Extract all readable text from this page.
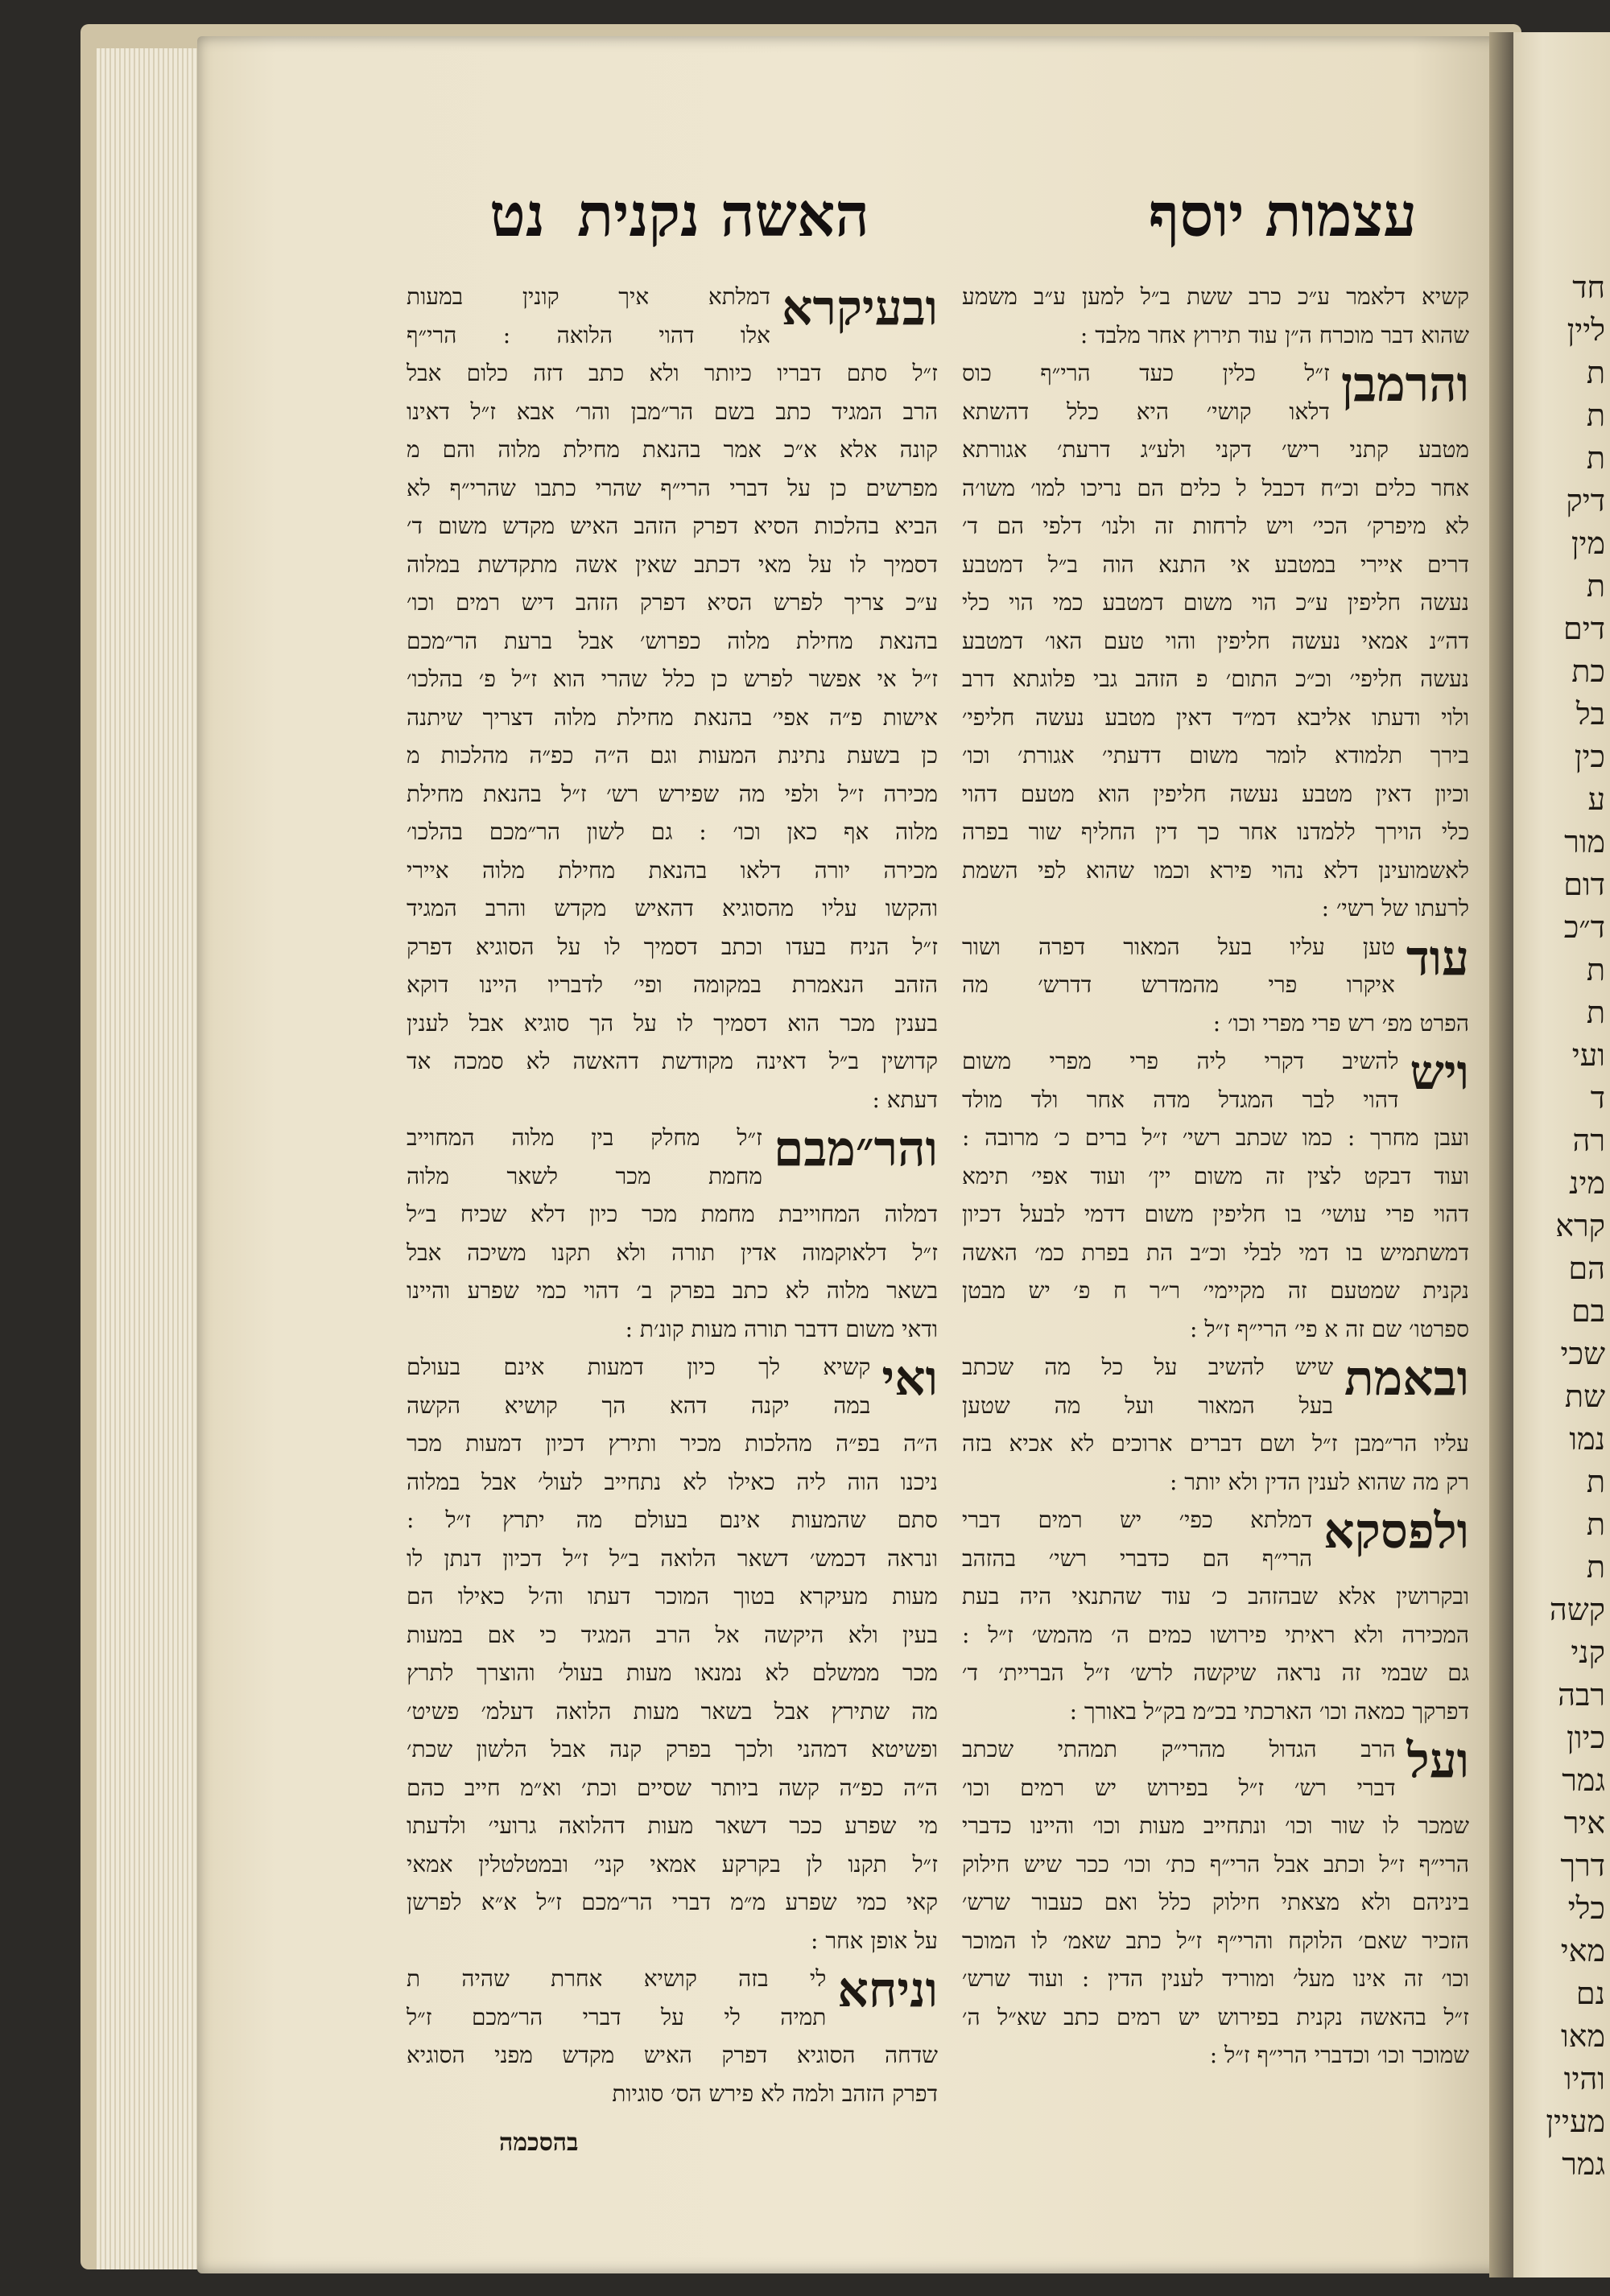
האשה נקניתנט	עצמות יוסף
קשיא דלאמר ע״כ כרב ששת ב״ל למען ע״ב משמע
שהוא דבר מוכרח ה״ן עוד תירוץ אחר מלבד :
והרמבן
ז״ל כלין כעד הרי״ף כוס
דלאו קושי׳ היא כלל דהשתא
מטבע קתני ריש׳ דקני ולע״ג דרעת׳ אגורתא
אחר כלים וכ״ח דכבל ל כלים הם נריכו למו׳ משו׳ה
לא מיפרק׳ הכי׳ ויש לרחות זה ולנו׳ דלפי הם ד׳
דרים איירי במטבע אי התנא הוה ב״ל דמטבע
נעשה חליפין ע״כ הוי משום דמטבע כמי הוי כלי
דה״נ אמאי נעשה חליפין והוי טעם האו׳ דמטבע
נעשה חליפי׳ וכ״כ התום׳ פ הזהב גבי פלוגתא דרב
ולוי ודעתו אליבא דמ״ד דאין מטבע נעשה חליפי׳
בירך תלמודא לומר משום דדעתי׳ אגורת׳ וכו׳
וכיון דאין מטבע נעשה חליפין הוא מטעם דהוי
כלי הוירך ללמדנו אחר כך דין החליף שור בפרה
לאשמועינן דלא נהוי פירא וכמו שהוא לפי השמת
לרעתו של רשי׳ :
עוד
טען עליו בעל המאור דפרה ושור
איקרו פרי מהמדרש דדרש׳ מה
הפרט מפ׳ רש פרי מפרי וכו׳ :
ויש
להשיב דקרי ליה פרי מפרי משום
דהוי לבר המגדל מדה אחר ולד מולד
ועבן מחרך : כמו שכתב רשי׳ ז״ל ברים כ׳ מרובה :
ועוד דבקט לצין זה משום יין׳ ועוד אפי׳ תימא
דהוי פרי עושי׳ בו חליפין משום דדמי לבעל דכיון
דמשתמיש בו דמי לבלי וכ״ב הת בפרת כמ׳ האשה
נקנית שמטעם זה מקיימי׳ ר״ר ח פ׳ יש מבטן
ספרטו׳ שם זה א פי׳ הרי״ף ז״ל :
ובאמת
שיש להשיב על כל מה שכתב
בעל המאור ועל מה שטען
עליו הר״מבן ז״ל ושם דברים ארוכים לא אכיא בזה
רק מה שהוא לענין הדין ולא יותר :
ולפסקא
דמלתא כפי׳ יש רמים דברי
הרי״ף הם כדברי רשי׳ בהזהב
ובקרושין אלא שבהזהב כ׳ עוד שהתנאי היה בעת
המכירה ולא ראיתי פירושו כמים ה׳ מהמש׳ ז״ל :
גם שבמי זה נראה שיקשה לרש׳ ז״ל הבריית׳ ד׳
דפרקך כמאה וכו׳ הארכתי בכ״מ בק״ל באורך :
ועל
הרב הגדול מהרי״ק תמהתי שכתב
דברי רש׳ ז״ל בפירוש יש רמים וכו׳
שמכר לו שור וכו׳ ונתחייב מעות וכו׳ והיינו כדברי
הרי״ף ז״ל וכתב אבל הרי״ף כת׳ וכו׳ ככר שיש חילוק
ביניהם ולא מצאתי חילוק כלל ואם כעבור שרש׳
הזכיר שאם׳ הלוקח והרי״ף ז״ל כתב שאמ׳ לו המוכר
וכו׳ זה אינו מעל׳ ומוריד לענין הדין : ועוד שרש׳
ז״ל בהאשה נקנית בפירוש יש רמים כתב שא״ל ה׳
שמוכר וכו׳ וכדברי הרי״ף ז״ל :
ובעיקרא
דמלתא איך קונין במעות
אלו דהוי הלואה : הרי״ף
ז״ל סתם דבריו כיותר ולא כתב דזה כלום אבל
הרב המגיד כתב בשם הר״מבן והר׳ אבא ז״ל דאינו
קונה אלא א״כ אמר בהנאת מחילת מלוה והם מ
מפרשים כן על דברי הרי״ף שהרי כתבו שהרי״ף לא
הביא בהלכות הסיא דפרק הזהב האיש מקדש משום ד׳
דסמיך לו על מאי דכתב שאין אשה מתקדשת במלוה
ע״כ צריך לפרש הסיא דפרק הזהב דיש רמים וכו׳
בהנאת מחילת מלוה כפרוש׳ אבל ברעת הר״מכם
ז״ל אי אפשר לפרש כן כלל שהרי הוא ז״ל פ׳ בהלכו׳
אישות פ״ה אפי׳ בהנאת מחילת מלוה דצריך שיתנה
כן בשעת נתינת המעות וגם ה״ה כפ״ה מהלכות מ
מכירה ז״ל ולפי מה שפירש רש׳ ז״ל בהנאת מחילת
מלוה אף כאן וכו׳ : גם לשון הר״מכם בהלכו׳
מכירה יורה דלאו בהנאת מחילת מלוה איירי
והקשו עליו מהסוגיא דהאיש מקדש והרב המגיד
ז״ל הניח בעדו וכתב דסמיך לו על הסוגיא דפרק
הזהב הנאמרת במקומה ופי׳ לדבריו היינו דוקא
בענין מכר הוא דסמיך לו על הך סוגיא אבל לענין
קדושין ב״ל דאינה מקודשת דהאשה לא סמכה אד
דעתא :
והר״מבם
ז״ל מחלק בין מלוה המחוייב
מחמת מכר לשאר מלוה
דמלוה המחוייבת מחמת מכר כיון דלא שכיח ב״ל
ז״ל דלאוקמוה אדין תורה ולא תקנו משיכה אבל
בשאר מלוה לא כתב בפרק ב׳ דהוי כמי שפרע והיינו
ודאי משום דדבר תורה מעות קונ׳ת :
ואי
קשיא לך כיון דמעות אינם בעולם
במה יקנה דהא הך קושיא הקשה
ה״ה בפ״ה מהלכות מכיר ותירץ דכיון דמעות מכר
ניכנו הוה ליה כאילו לא נתחייב לעול׳ אבל במלוה
סתם שהמעות אינם בעולם מה יתרץ ז״ל :
ונראה דכמש׳ דשאר הלואה ב״ל ז״ל דכיון דנתן לו
מעות מעיקרא בטוך המוכר דעתו וה׳ל כאילו הם
בעין ולא היקשה אל הרב המגיד כי אם במעות
מכר ממשלם לא נמנאו מעות בעול׳ והוצרך לתרץ
מה שתירץ אבל בשאר מעות הלואה דעלמ׳ פשיט׳
ופשיטא דמהני ולכך בפרק קנה אבל הלשון שכת׳
ה״ה כפ״ה קשה ביותר שסיים וכת׳ וא״מ חייב כהם
מי שפרע ככר דשאר מעות דהלואה גרועי׳ ולדעתו
ז״ל תקנו לן בקרקע אמאי קני׳ ובמטלטלין אמאי
קאי כמי שפרע מ״מ דברי הר״מכם ז״ל א״א לפרשן
על אופן אחר :
וניחא
לי בזה קושיא אחרת שהיה ת
תמיה לי על דברי הר״מכם ז״ל
שדחה הסוגיא דפרק האיש מקדש מפני הסוגיא
דפרק הזהב ולמה לא פירש הס׳ סוגיות
בהסכמה
חד
ליין
ת
ת
ת
דיק
מין
ת
דים
כת
בל
כין
ע
מור
דום
ד״כ
ת
ת
ועי
ד
רה
מינ
קרא
הם
בם
שכי
שת
נמו
ת
ת
ת
קשה
קני
רבה
כיון
גמר
איר
דרך
כלי
מאי
נם
מאו
והיו
מעיין
גמר
